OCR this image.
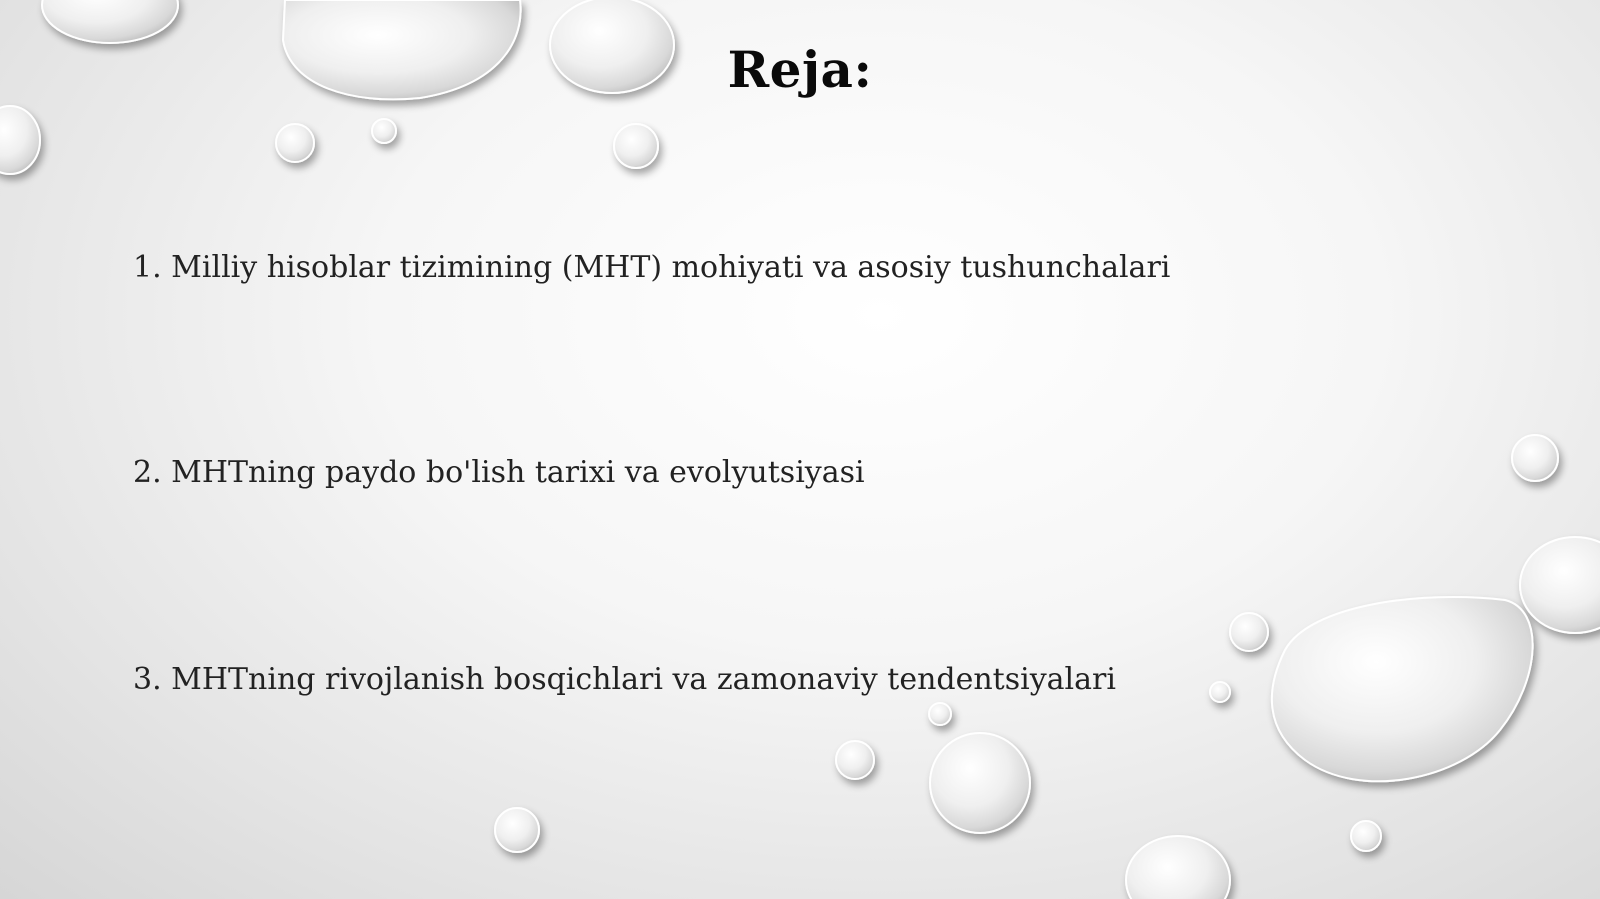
Reja:
1. Milliy hisoblar tizimining (MHT) mohiyati va asosiy tushunchalari
2. MHTning paydo bo'lish tarixi va evolyutsiyasi
3. MHTning rivojlanish bosqichlari va zamonaviy tendentsiyalari
